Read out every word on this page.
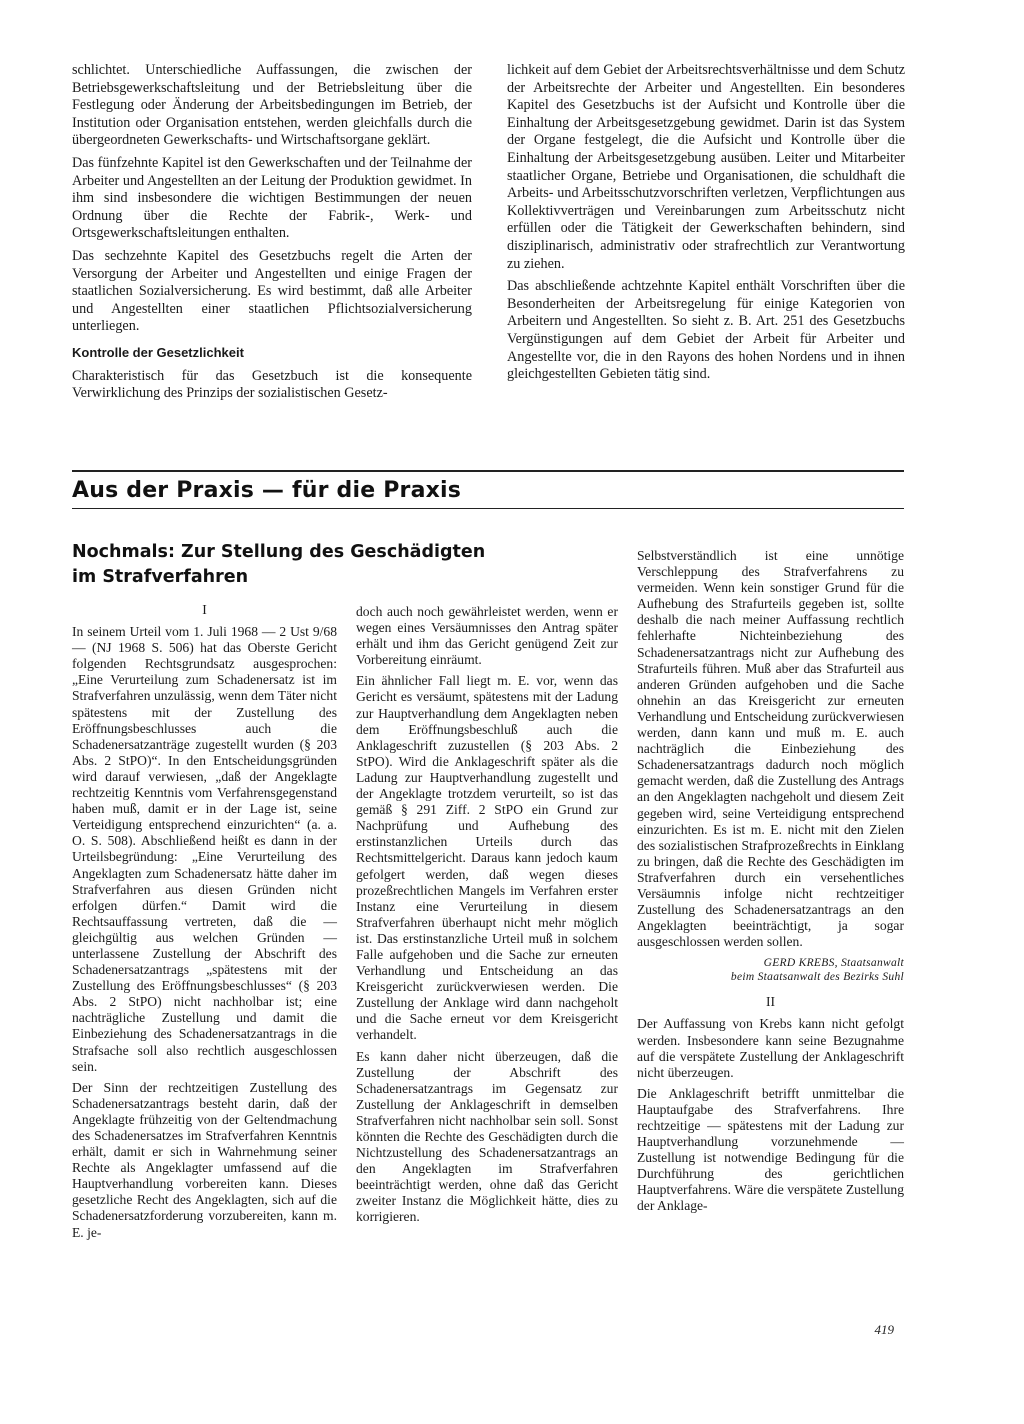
schlichtet. Unterschiedliche Auffassungen, die zwischen der Betriebsgewerkschaftsleitung und der Betriebsleitung über die Festlegung oder Änderung der Arbeitsbedingungen im Betrieb, der Institution oder Organisation entstehen, werden gleichfalls durch die übergeordneten Gewerkschafts- und Wirtschaftsorgane geklärt.

Das fünfzehnte Kapitel ist den Gewerkschaften und der Teilnahme der Arbeiter und Angestellten an der Leitung der Produktion gewidmet. In ihm sind insbesondere die wichtigen Bestimmungen der neuen Ordnung über die Rechte der Fabrik-, Werk- und Ortsgewerkschaftsleitungen enthalten.

Das sechzehnte Kapitel des Gesetzbuchs regelt die Arten der Versorgung der Arbeiter und Angestellten und einige Fragen der staatlichen Sozialversicherung. Es wird bestimmt, daß alle Arbeiter und Angestellten einer staatlichen Pflichtsozialversicherung unterliegen.

Kontrolle der Gesetzlichkeit

Charakteristisch für das Gesetzbuch ist die konsequente Verwirklichung des Prinzips der sozialistischen Gesetz-

lichkeit auf dem Gebiet der Arbeitsrechtsverhältnisse und dem Schutz der Arbeitsrechte der Arbeiter und Angestellten. Ein besonderes Kapitel des Gesetzbuchs ist der Aufsicht und Kontrolle über die Einhaltung der Arbeitsgesetzgebung gewidmet. Darin ist das System der Organe festgelegt, die die Aufsicht und Kontrolle über die Einhaltung der Arbeitsgesetzgebung ausüben. Leiter und Mitarbeiter staatlicher Organe, Betriebe und Organisationen, die schuldhaft die Arbeits- und Arbeitsschutzvorschriften verletzen, Verpflichtungen aus Kollektivverträgen und Vereinbarungen zum Arbeitsschutz nicht erfüllen oder die Tätigkeit der Gewerkschaften behindern, sind disziplinarisch, administrativ oder strafrechtlich zur Verantwortung zu ziehen.

Das abschließende achtzehnte Kapitel enthält Vorschriften über die Besonderheiten der Arbeitsregelung für einige Kategorien von Arbeitern und Angestellten. So sieht z. B. Art. 251 des Gesetzbuchs Vergünstigungen auf dem Gebiet der Arbeit für Arbeiter und Angestellte vor, die in den Rayons des hohen Nordens und in ihnen gleichgestellten Gebieten tätig sind.

Aus der Praxis — für die Praxis
Nochmals: Zur Stellung des Geschädigten im Strafverfahren
I

In seinem Urteil vom 1. Juli 1968 — 2 Ust 9/68 — (NJ 1968 S. 506) hat das Oberste Gericht folgenden Rechtsgrundsatz ausgesprochen: „Eine Verurteilung zum Schadenersatz ist im Strafverfahren unzulässig, wenn dem Täter nicht spätestens mit der Zustellung des Eröffnungsbeschlusses auch die Schadenersatzanträge zugestellt wurden (§ 203 Abs. 2 StPO)“. In den Entscheidungsgründen wird darauf verwiesen, „daß der Angeklagte rechtzeitig Kenntnis vom Verfahrensgegenstand haben muß, damit er in der Lage ist, seine Verteidigung entsprechend einzurichten“ (a. a. O. S. 508). Abschließend heißt es dann in der Urteilsbegründung: „Eine Verurteilung des Angeklagten zum Schadenersatz hätte daher im Strafverfahren aus diesen Gründen nicht erfolgen dürfen.“ Damit wird die Rechtsauffassung vertreten, daß die — gleichgültig aus welchen Gründen — unterlassene Zustellung der Abschrift des Schadenersatzantrags „spätestens mit der Zustellung des Eröffnungsbeschlusses“ (§ 203 Abs. 2 StPO) nicht nachholbar ist; eine nachträgliche Zustellung und damit die Einbeziehung des Schadenersatzantrags in die Strafsache soll also rechtlich ausgeschlossen sein.

Der Sinn der rechtzeitigen Zustellung des Schadenersatzantrags besteht darin, daß der Angeklagte frühzeitig von der Geltendmachung des Schadenersatzes im Strafverfahren Kenntnis erhält, damit er sich in Wahrnehmung seiner Rechte als Angeklagter umfassend auf die Hauptverhandlung vorbereiten kann. Dieses gesetzliche Recht des Angeklagten, sich auf die Schadenersatzforderung vorzubereiten, kann m. E. je-

doch auch noch gewährleistet werden, wenn er wegen eines Versäumnisses den Antrag später erhält und ihm das Gericht genügend Zeit zur Vorbereitung einräumt.

Ein ähnlicher Fall liegt m. E. vor, wenn das Gericht es versäumt, spätestens mit der Ladung zur Hauptverhandlung dem Angeklagten neben dem Eröffnungsbeschluß auch die Anklageschrift zuzustellen (§ 203 Abs. 2 StPO). Wird die Anklageschrift später als die Ladung zur Hauptverhandlung zugestellt und der Angeklagte trotzdem verurteilt, so ist das gemäß § 291 Ziff. 2 StPO ein Grund zur Nachprüfung und Aufhebung des erstinstanzlichen Urteils durch das Rechtsmittelgericht. Daraus kann jedoch kaum gefolgert werden, daß wegen dieses prozeßrechtlichen Mangels im Verfahren erster Instanz eine Verurteilung in diesem Strafverfahren überhaupt nicht mehr möglich ist. Das erstinstanzliche Urteil muß in solchem Falle aufgehoben und die Sache zur erneuten Verhandlung und Entscheidung an das Kreisgericht zurückverwiesen werden. Die Zustellung der Anklage wird dann nachgeholt und die Sache erneut vor dem Kreisgericht verhandelt.

Es kann daher nicht überzeugen, daß die Zustellung der Abschrift des Schadenersatzantrags im Gegensatz zur Zustellung der Anklageschrift in demselben Strafverfahren nicht nachholbar sein soll. Sonst könnten die Rechte des Geschädigten durch die Nichtzustellung des Schadenersatzantrags an den Angeklagten im Strafverfahren beeinträchtigt werden, ohne daß das Gericht zweiter Instanz die Möglichkeit hätte, dies zu korrigieren.

Selbstverständlich ist eine unnötige Verschleppung des Strafverfahrens zu vermeiden. Wenn kein sonstiger Grund für die Aufhebung des Strafurteils gegeben ist, sollte deshalb die nach meiner Auffassung rechtlich fehlerhafte Nichteinbeziehung des Schadenersatzantrags nicht zur Aufhebung des Strafurteils führen. Muß aber das Strafurteil aus anderen Gründen aufgehoben und die Sache ohnehin an das Kreisgericht zur erneuten Verhandlung und Entscheidung zurückverwiesen werden, dann kann und muß m. E. auch nachträglich die Einbeziehung des Schadenersatzantrags dadurch noch möglich gemacht werden, daß die Zustellung des Antrags an den Angeklagten nachgeholt und diesem Zeit gegeben wird, seine Verteidigung entsprechend einzurichten. Es ist m. E. nicht mit den Zielen des sozialistischen Strafprozeßrechts in Einklang zu bringen, daß die Rechte des Geschädigten im Strafverfahren durch ein versehentliches Versäumnis infolge nicht rechtzeitiger Zustellung des Schadenersatzantrags an den Angeklagten beeinträchtigt, ja sogar ausgeschlossen werden sollen.

GERD KREBS, Staatsanwalt
beim Staatsanwalt des Bezirks Suhl
II

Der Auffassung von Krebs kann nicht gefolgt werden. Insbesondere kann seine Bezugnahme auf die verspätete Zustellung der Anklageschrift nicht überzeugen.

Die Anklageschrift betrifft unmittelbar die Hauptaufgabe des Strafverfahrens. Ihre rechtzeitige — spätestens mit der Ladung zur Hauptverhandlung vorzunehmende — Zustellung ist notwendige Bedingung für die Durchführung des gerichtlichen Hauptverfahrens. Wäre die verspätete Zustellung der Anklage-

419
